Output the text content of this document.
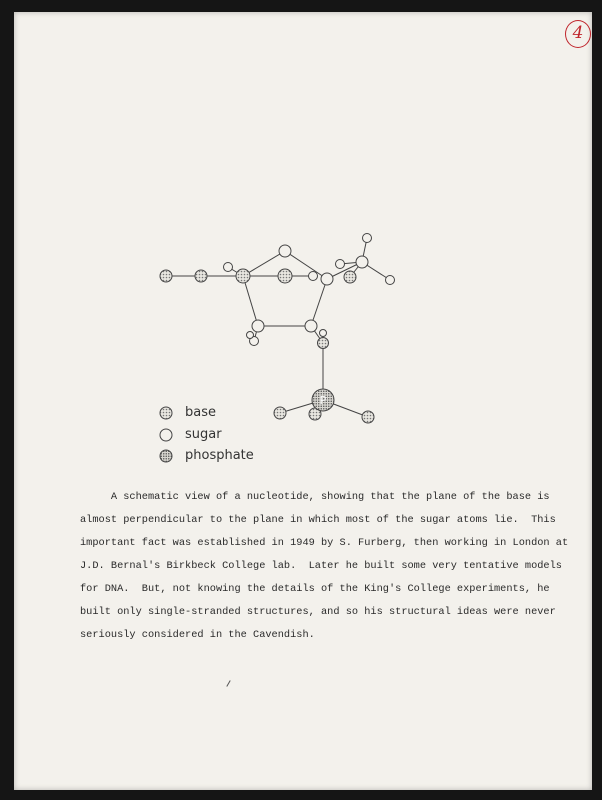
4
P
base
sugar
phosphate
A schematic view of a nucleotide, showing that the plane of the base is
almost perpendicular to the plane in which most of the sugar atoms lie.  This
important fact was established in 1949 by S. Furberg, then working in London at
J.D. Bernal's Birkbeck College lab.  Later he built some very tentative models
for DNA.  But, not knowing the details of the King's College experiments, he
built only single-stranded structures, and so his structural ideas were never
seriously considered in the Cavendish.
